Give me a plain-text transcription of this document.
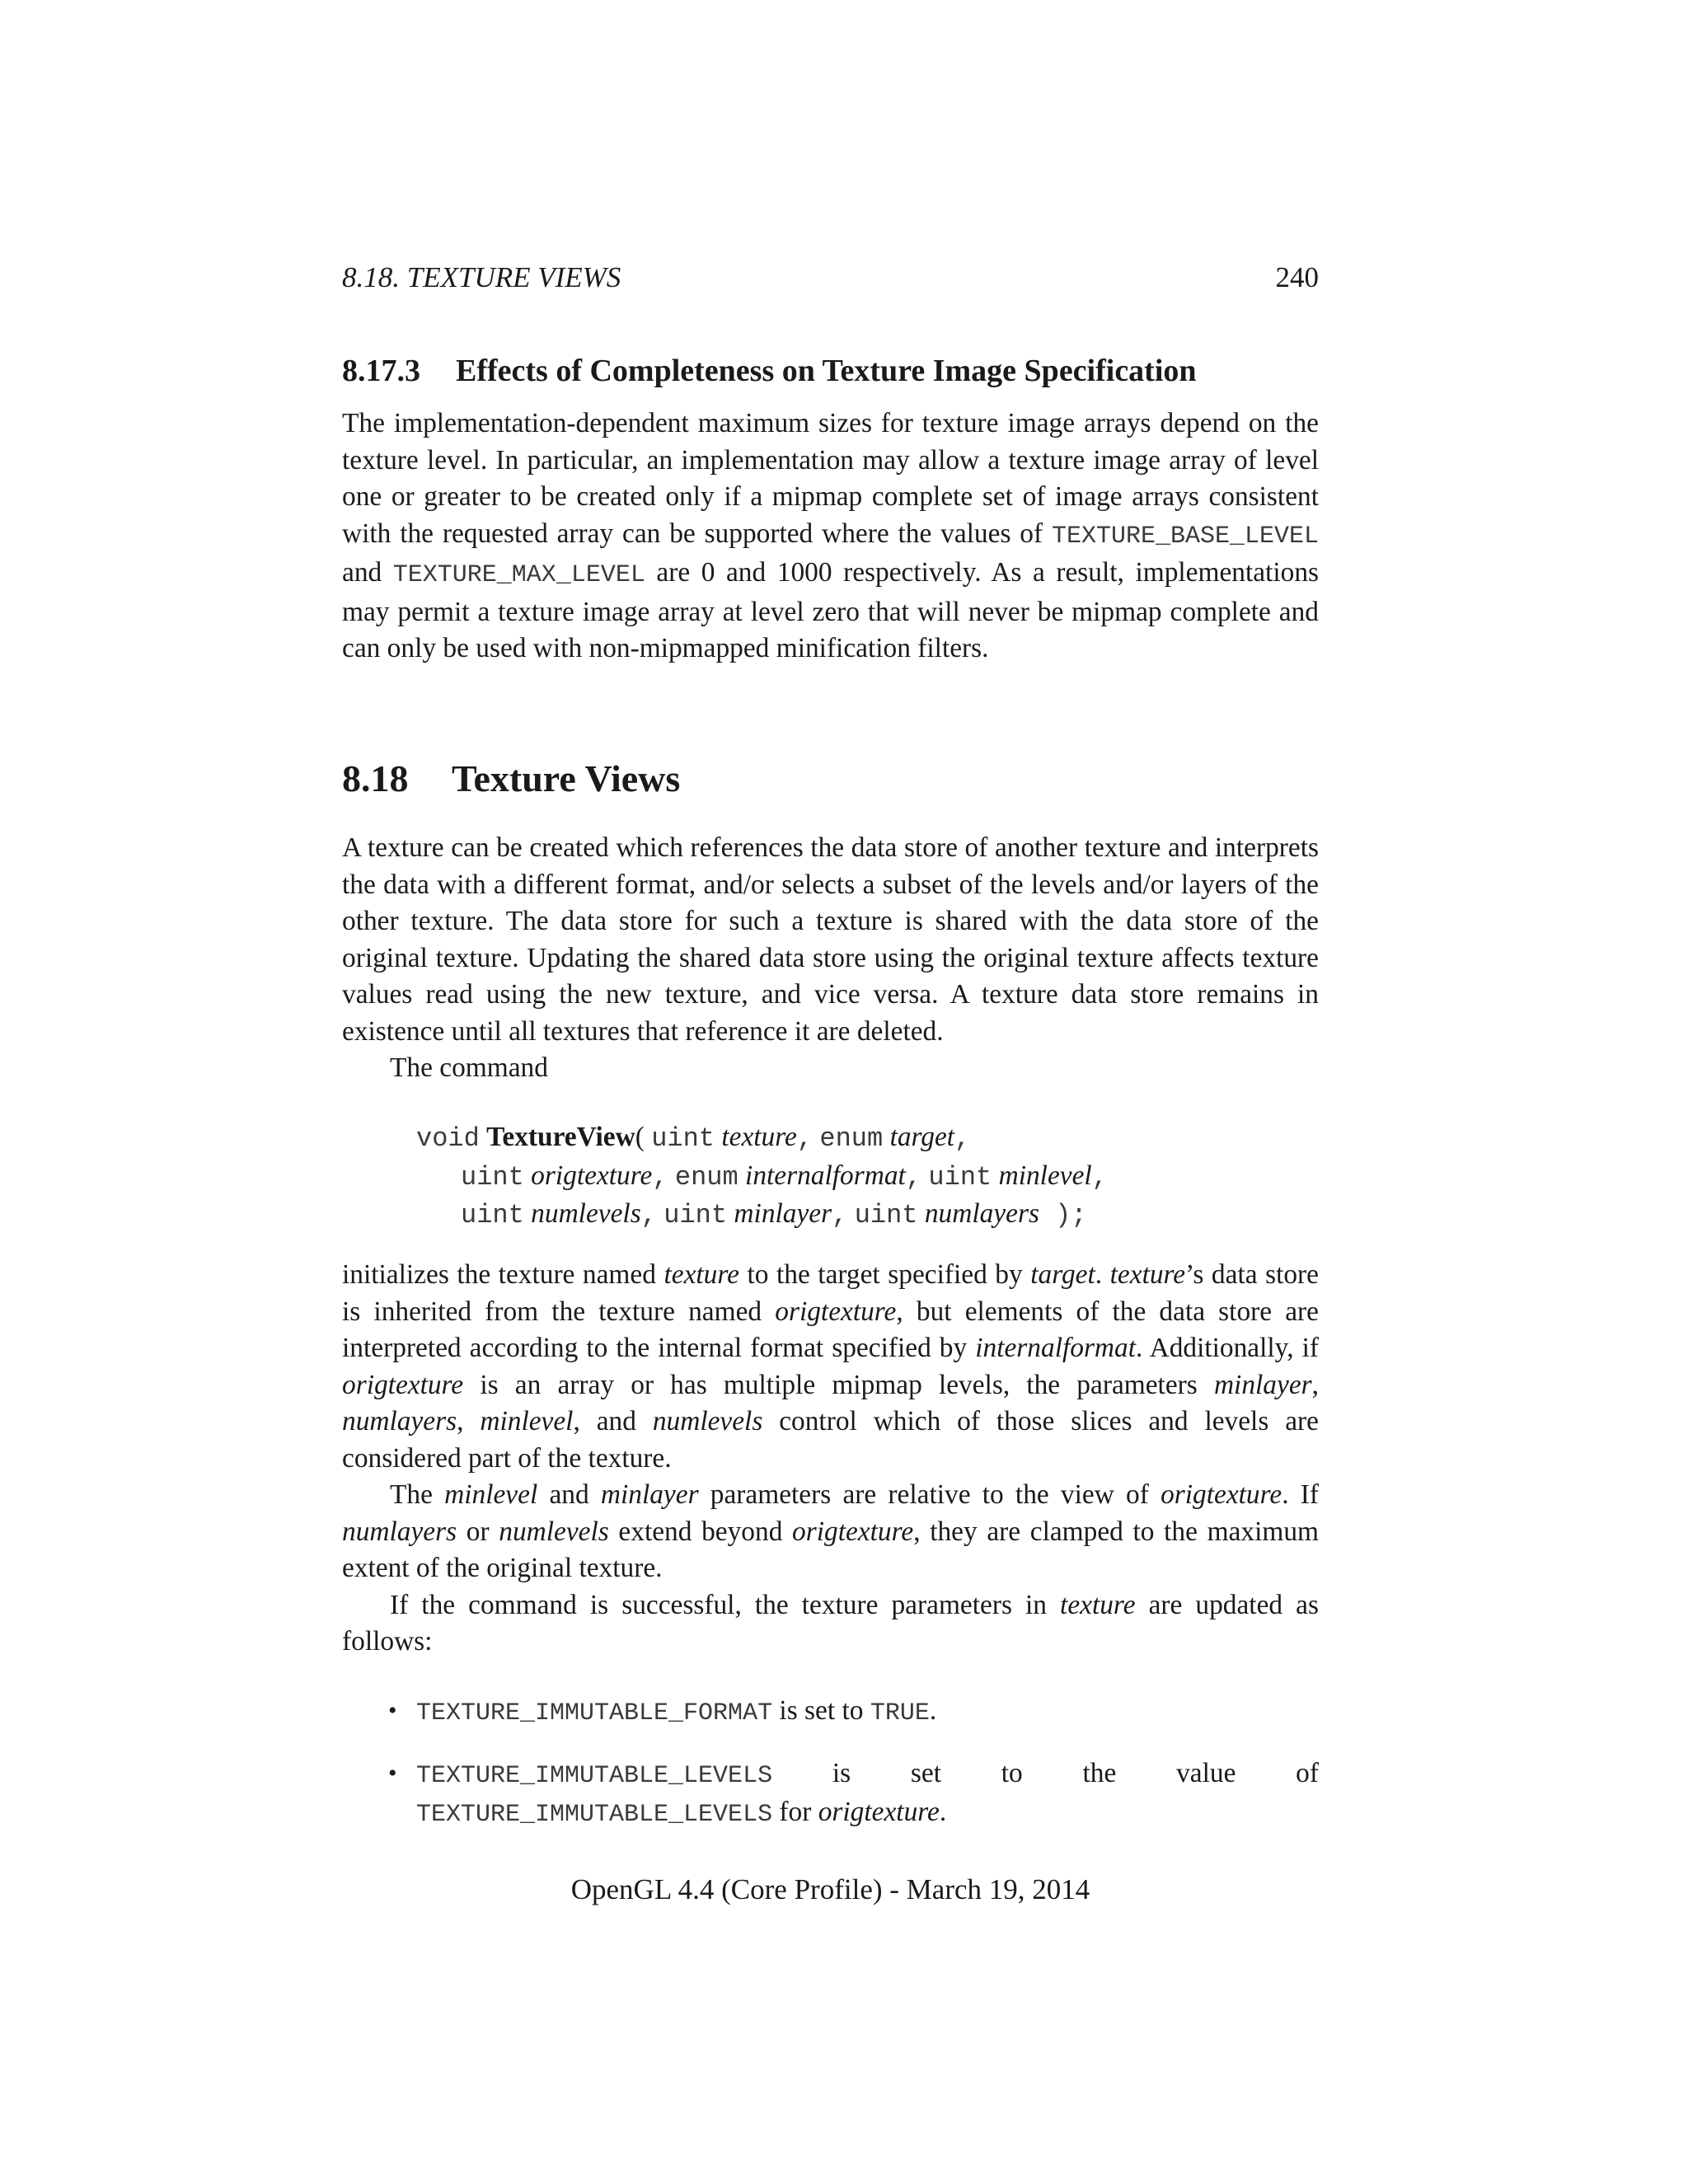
8.18. TEXTURE VIEWS	240
8.17.3 Effects of Completeness on Texture Image Specification

The implementation-dependent maximum sizes for texture image arrays depend on the texture level. In particular, an implementation may allow a texture image array of level one or greater to be created only if a mipmap complete set of image arrays consistent with the requested array can be supported where the values of TEXTURE_BASE_LEVEL and TEXTURE_MAX_LEVEL are 0 and 1000 respectively. As a result, implementations may permit a texture image array at level zero that will never be mipmap complete and can only be used with non-mipmapped minification filters.

8.18 Texture Views

A texture can be created which references the data store of another texture and interprets the data with a different format, and/or selects a subset of the levels and/or layers of the other texture. The data store for such a texture is shared with the data store of the original texture. Updating the shared data store using the original texture affects texture values read using the new texture, and vice versa. A texture data store remains in existence until all textures that reference it are deleted.

The command

void TextureView( uint texture, enum target,
uint origtexture, enum internalformat, uint minlevel,
uint numlevels, uint minlayer, uint numlayers );

initializes the texture named texture to the target specified by target. texture’s data store is inherited from the texture named origtexture, but elements of the data store are interpreted according to the internal format specified by internalformat. Additionally, if origtexture is an array or has multiple mipmap levels, the parameters minlayer, numlayers, minlevel, and numlevels control which of those slices and levels are considered part of the texture.

The minlevel and minlayer parameters are relative to the view of origtexture. If numlayers or numlevels extend beyond origtexture, they are clamped to the maximum extent of the original texture.

If the command is successful, the texture parameters in texture are updated as follows:

• TEXTURE_IMMUTABLE_FORMAT is set to TRUE.
• TEXTURE_IMMUTABLE_LEVELS is set to the value of TEXTURE_IMMUTABLE_LEVELS for origtexture.
OpenGL 4.4 (Core Profile) - March 19, 2014
